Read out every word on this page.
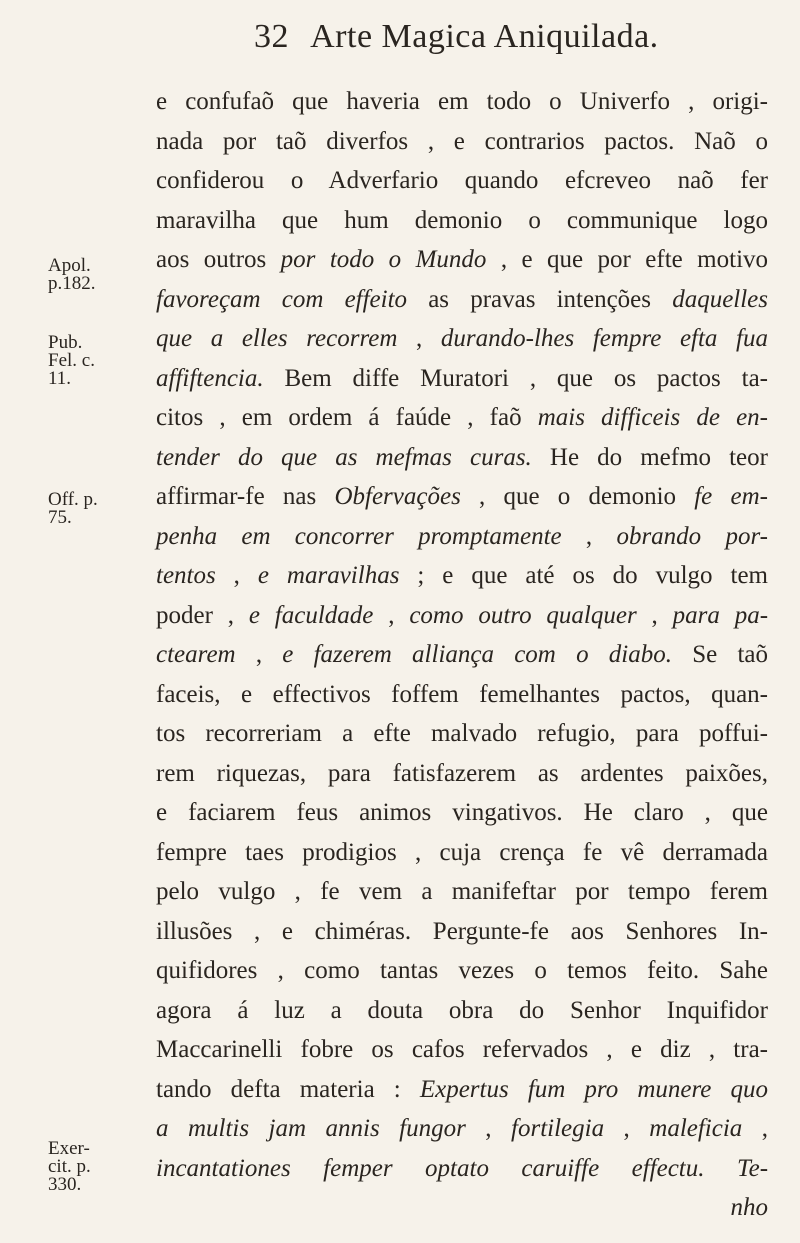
32 Arte Magica Aniquilada.
Apol.
p.182.
Pub.
Fel. c.
11.
Off. p.
75.
Exer-
cit. p.
330.
e confufaõ que haveria em todo o Univerfo , origi-
nada por taõ diverfos , e contrarios pactos. Naõ o
confiderou o Adverfario quando efcreveo naõ fer
maravilha que hum demonio o communique logo
aos outros por todo o Mundo , e que por efte motivo
favoreçam com effeito as pravas intenções daquelles
que a elles recorrem , durando-lhes fempre efta fua
affiftencia. Bem diffe Muratori , que os pactos ta-
citos , em ordem á faúde , faõ mais difficeis de en-
tender do que as mefmas curas. He do mefmo teor
affirmar-fe nas Obfervações , que o demonio fe em-
penha em concorrer promptamente , obrando por-
tentos , e maravilhas ; e que até os do vulgo tem
poder , e faculdade , como outro qualquer , para pa-
ctearem , e fazerem alliança com o diabo. Se taõ
faceis, e effectivos foffem femelhantes pactos, quan-
tos recorreriam a efte malvado refugio, para poffui-
rem riquezas, para fatisfazerem as ardentes paixões,
e faciarem feus animos vingativos. He claro , que
fempre taes prodigios , cuja crença fe vê derramada
pelo vulgo , fe vem a manifeftar por tempo ferem
illusões , e chiméras. Pergunte-fe aos Senhores In-
quifidores , como tantas vezes o temos feito. Sahe
agora á luz a douta obra do Senhor Inquifidor
Maccarinelli fobre os cafos refervados , e diz , tra-
tando defta materia : Expertus fum pro munere quo
a multis jam annis fungor , fortilegia , maleficia ,
incantationes femper optato caruiffe effectu. Te-
nho
